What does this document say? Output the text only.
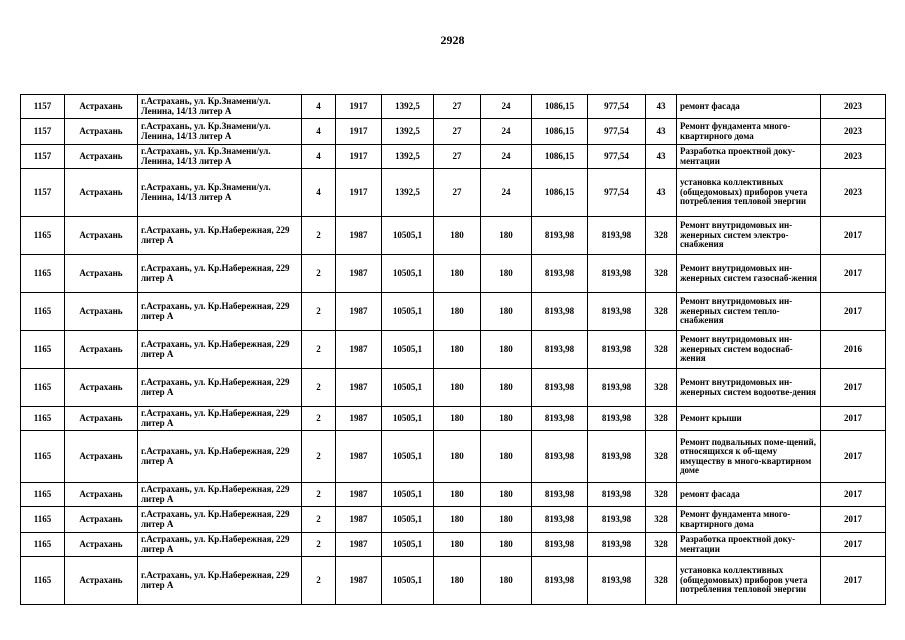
2928
1157	Астрахань	г.Астрахань, ул. Кр.Знамени/ул. Ленина, 14/13 литер А	4	1917	1392,5	27	24	1086,15	977,54	43	ремонт фасада	2023
1157	Астрахань	г.Астрахань, ул. Кр.Знамени/ул. Ленина, 14/13 литер А	4	1917	1392,5	27	24	1086,15	977,54	43	Ремонт фундамента много-квартирного дома	2023
1157	Астрахань	г.Астрахань, ул. Кр.Знамени/ул. Ленина, 14/13 литер А	4	1917	1392,5	27	24	1086,15	977,54	43	Разработка проектной доку-ментации	2023
1157	Астрахань	г.Астрахань, ул. Кр.Знамени/ул. Ленина, 14/13 литер А	4	1917	1392,5	27	24	1086,15	977,54	43	установка коллективных (общедомовых) приборов учета потребления тепловой энергии	2023
1165	Астрахань	г.Астрахань, ул. Кр.Набережная, 229 литер А	2	1987	10505,1	180	180	8193,98	8193,98	328	Ремонт внутридомовых ин-женерных систем электро-снабжения	2017
1165	Астрахань	г.Астрахань, ул. Кр.Набережная, 229 литер А	2	1987	10505,1	180	180	8193,98	8193,98	328	Ремонт внутридомовых ин-женерных систем газоснаб-жения	2017
1165	Астрахань	г.Астрахань, ул. Кр.Набережная, 229 литер А	2	1987	10505,1	180	180	8193,98	8193,98	328	Ремонт внутридомовых ин-женерных систем тепло-снабжения	2017
1165	Астрахань	г.Астрахань, ул. Кр.Набережная, 229 литер А	2	1987	10505,1	180	180	8193,98	8193,98	328	Ремонт внутридомовых ин-женерных систем водоснаб-жения	2016
1165	Астрахань	г.Астрахань, ул. Кр.Набережная, 229 литер А	2	1987	10505,1	180	180	8193,98	8193,98	328	Ремонт внутридомовых ин-женерных систем водоотве-дения	2017
1165	Астрахань	г.Астрахань, ул. Кр.Набережная, 229 литер А	2	1987	10505,1	180	180	8193,98	8193,98	328	Ремонт крыши	2017
1165	Астрахань	г.Астрахань, ул. Кр.Набережная, 229 литер А	2	1987	10505,1	180	180	8193,98	8193,98	328	Ремонт подвальных поме-щений, относящихся к об-щему имуществу в много-квартирном доме	2017
1165	Астрахань	г.Астрахань, ул. Кр.Набережная, 229 литер А	2	1987	10505,1	180	180	8193,98	8193,98	328	ремонт фасада	2017
1165	Астрахань	г.Астрахань, ул. Кр.Набережная, 229 литер А	2	1987	10505,1	180	180	8193,98	8193,98	328	Ремонт фундамента много-квартирного дома	2017
1165	Астрахань	г.Астрахань, ул. Кр.Набережная, 229 литер А	2	1987	10505,1	180	180	8193,98	8193,98	328	Разработка проектной доку-ментации	2017
1165	Астрахань	г.Астрахань, ул. Кр.Набережная, 229 литер А	2	1987	10505,1	180	180	8193,98	8193,98	328	установка коллективных (общедомовых) приборов учета потребления тепловой энергии	2017
